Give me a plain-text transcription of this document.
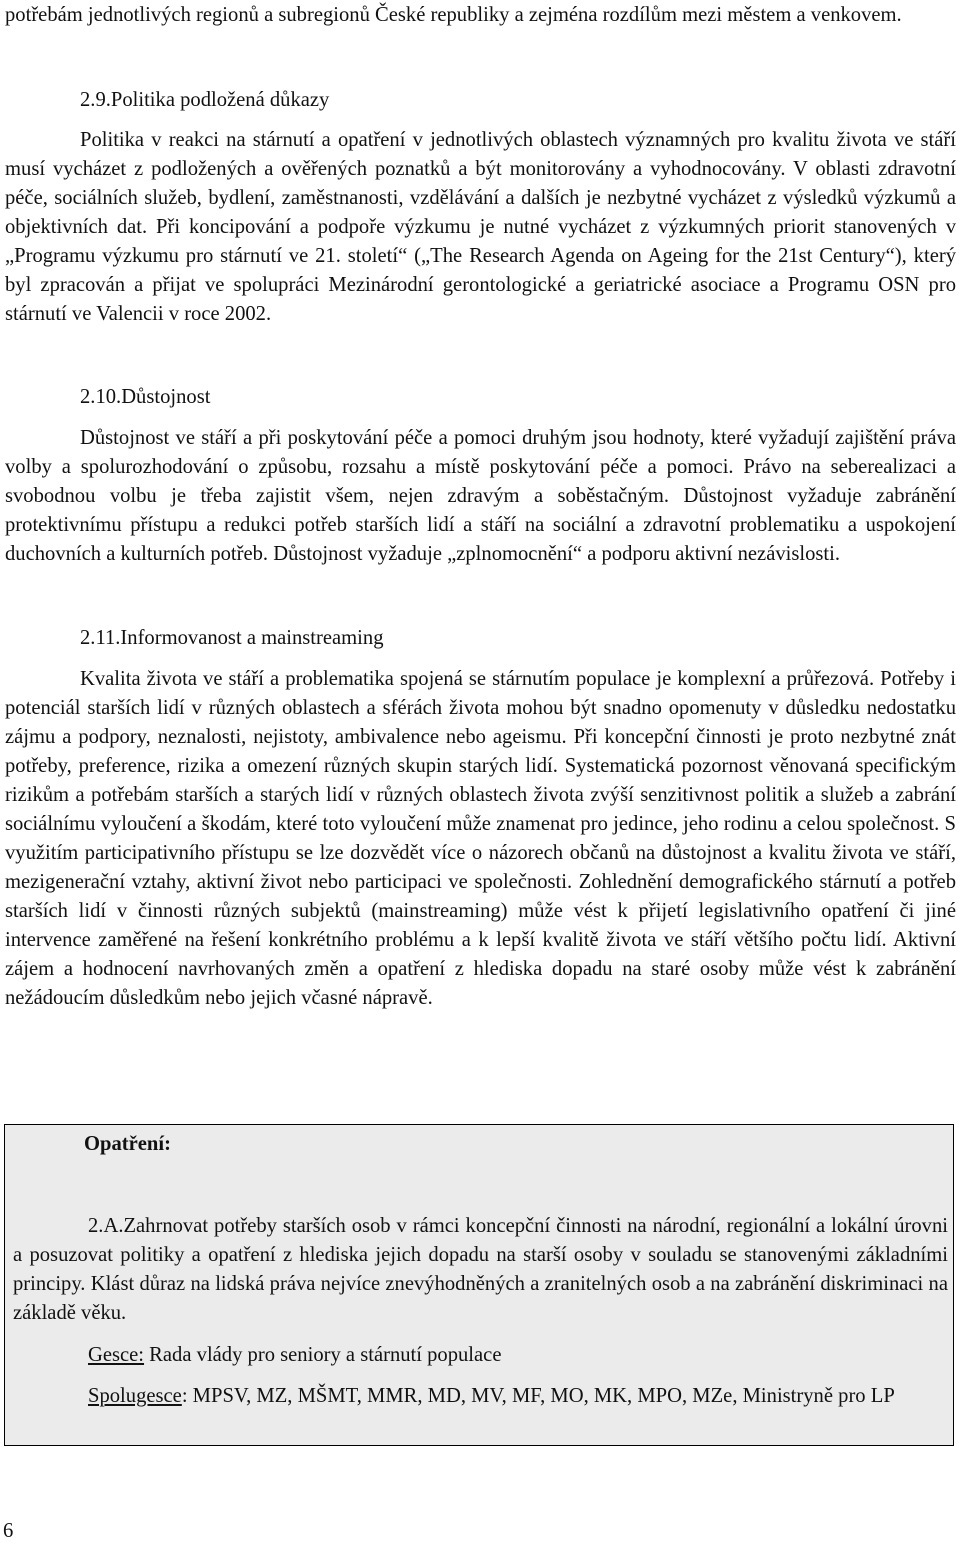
potřebám jednotlivých regionů a subregionů České republiky a zejména rozdílům mezi městem a venkovem.

2.9.Politika podložená důkazy

Politika v reakci na stárnutí a opatření v jednotlivých oblastech významných pro kvalitu života ve stáří musí vycházet z podložených a ověřených poznatků a být monitorovány a vyhodnocovány. V oblasti zdravotní péče, sociálních služeb, bydlení, zaměstnanosti, vzdělávání a dalších je nezbytné vycházet z výsledků výzkumů a objektivních dat. Při koncipování a podpoře výzkumu je nutné vycházet z výzkumných priorit stanovených v „Programu výzkumu pro stárnutí ve 21. století“ („The Research Agenda on Ageing for the 21st Century“), který byl zpracován a přijat ve spolupráci Mezinárodní gerontologické a geriatrické asociace a Programu OSN pro stárnutí ve Valencii v roce 2002.

2.10.Důstojnost

Důstojnost ve stáří a při poskytování péče a pomoci druhým jsou hodnoty, které vyžadují zajištění práva volby a spolurozhodování o způsobu, rozsahu a místě poskytování péče a pomoci. Právo na seberealizaci a svobodnou volbu je třeba zajistit všem, nejen zdravým a soběstačným. Důstojnost vyžaduje zabránění protektivnímu přístupu a redukci potřeb starších lidí a stáří na sociální a zdravotní problematiku a uspokojení duchovních a kulturních potřeb. Důstojnost vyžaduje „zplnomocnění“ a podporu aktivní nezávislosti.

2.11.Informovanost a mainstreaming

Kvalita života ve stáří a problematika spojená se stárnutím populace je komplexní a průřezová. Potřeby i potenciál starších lidí v různých oblastech a sférách života mohou být snadno opomenuty v důsledku nedostatku zájmu a podpory, neznalosti, nejistoty, ambivalence nebo ageismu. Při koncepční činnosti je proto nezbytné znát potřeby, preference, rizika a omezení různých skupin starých lidí. Systematická pozornost věnovaná specifickým rizikům a potřebám starších a starých lidí v různých oblastech života zvýší senzitivnost politik a služeb a zabrání sociálnímu vyloučení a škodám, které toto vyloučení může znamenat pro jedince, jeho rodinu a celou společnost. S využitím participativního přístupu se lze dozvědět více o názorech občanů na důstojnost a kvalitu života ve stáří, mezigenerační vztahy, aktivní život nebo participaci ve společnosti. Zohlednění demografického stárnutí a potřeb starších lidí v činnosti různých subjektů (mainstreaming) může vést k přijetí legislativního opatření či jiné intervence zaměřené na řešení konkrétního problému a k lepší kvalitě života ve stáří většího počtu lidí. Aktivní zájem a hodnocení navrhovaných změn a opatření z hlediska dopadu na staré osoby může vést k zabránění nežádoucím důsledkům nebo jejich včasné nápravě.

Opatření:

2.A.Zahrnovat potřeby starších osob v rámci koncepční činnosti na národní, regionální a lokální úrovni a posuzovat politiky a opatření z hlediska jejich dopadu na starší osoby v souladu se stanovenými základními principy. Klást důraz na lidská práva nejvíce znevýhodněných a zranitelných osob a na zabránění diskriminaci na základě věku.

Gesce: Rada vlády pro seniory a stárnutí populace

Spolugesce: MPSV, MZ, MŠMT, MMR, MD, MV, MF, MO, MK, MPO, MZe, Ministryně pro LP

6
